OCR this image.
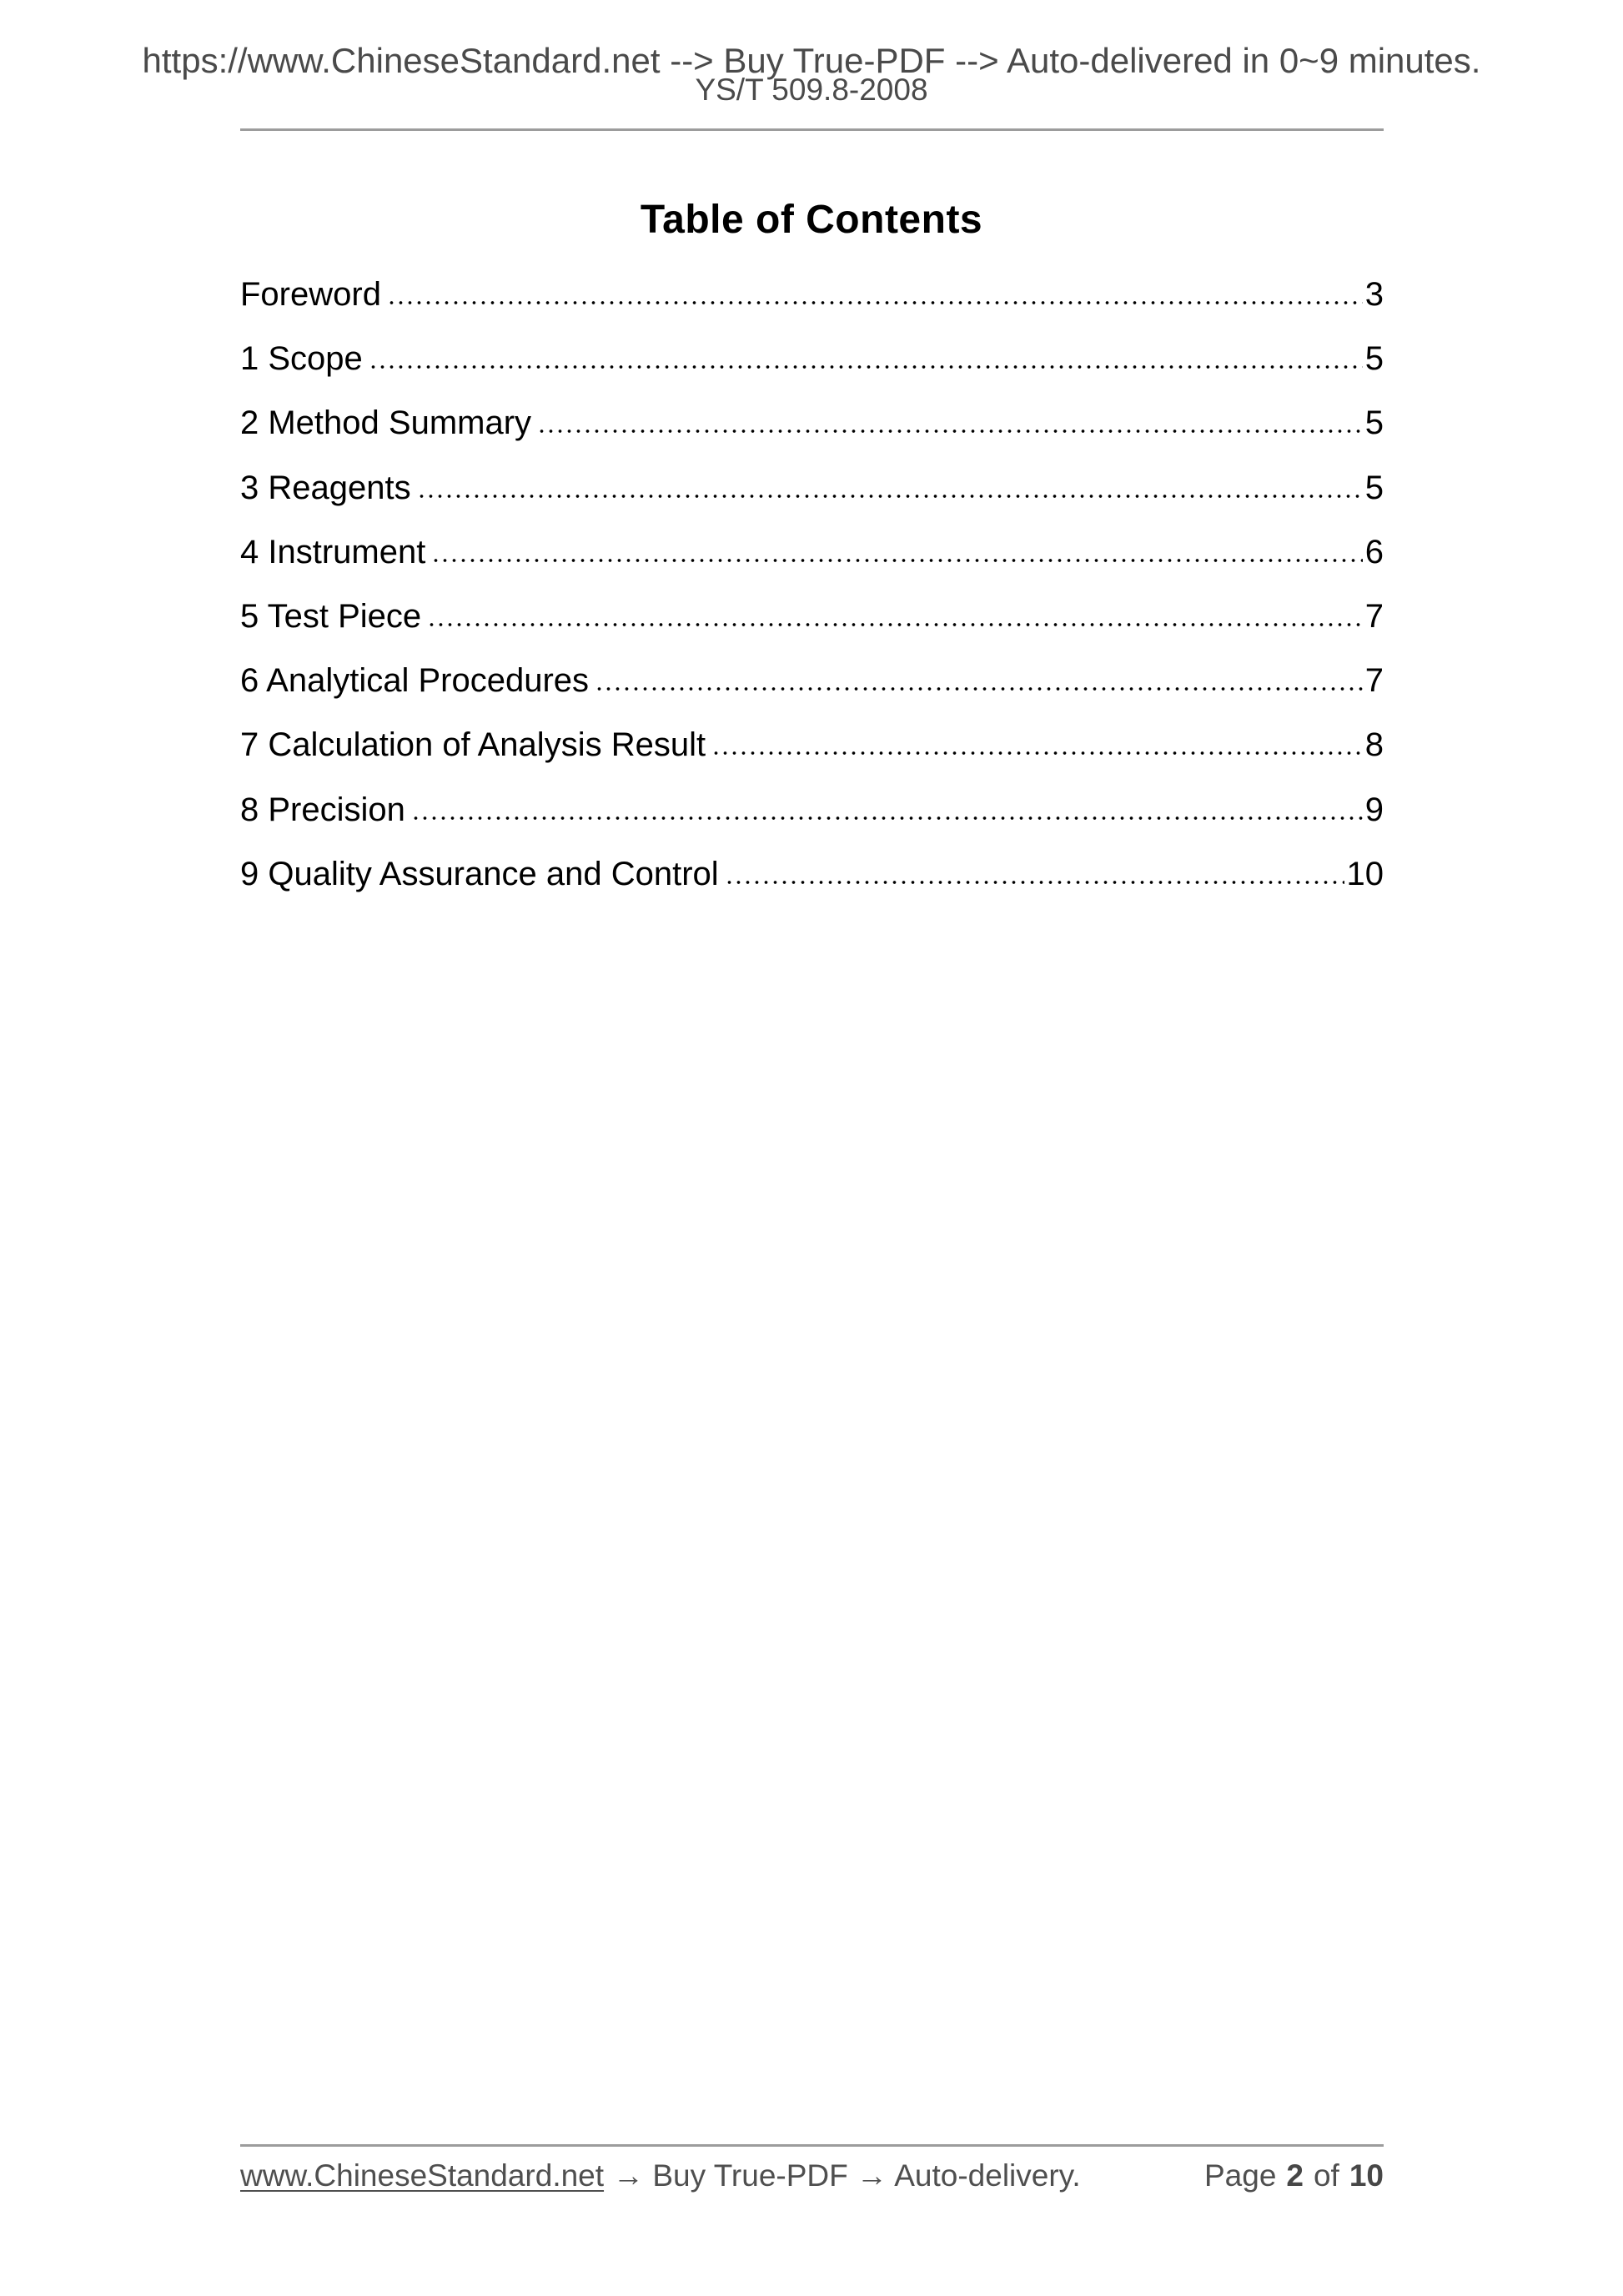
https://www.ChineseStandard.net --> Buy True-PDF --> Auto-delivered in 0~9 minutes.
YS/T 509.8-2008
Table of Contents
Foreword	3
1 Scope	5
2 Method Summary	5
3 Reagents	5
4 Instrument	6
5 Test Piece	7
6 Analytical Procedures	7
7 Calculation of Analysis Result	8
8 Precision	9
9 Quality Assurance and Control	10
www.ChineseStandard.net → Buy True-PDF → Auto-delivery.	Page 2 of 10
